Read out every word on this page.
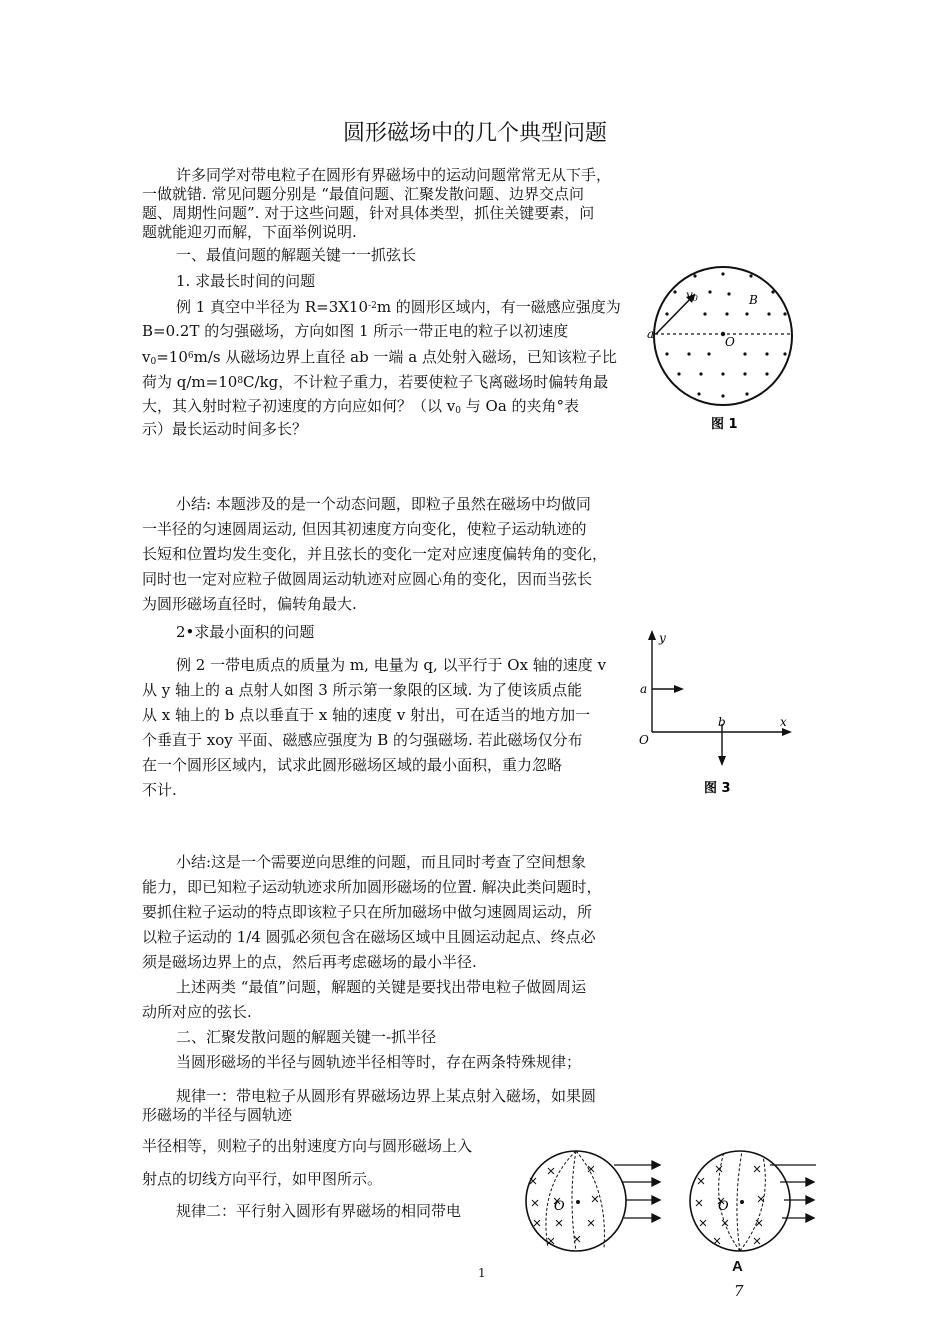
圆形磁场中的几个典型问题
许多同学对带电粒子在圆形有界磁场中的运动问题常常无从下手，
一做就错. 常见问题分别是 “最值问题、汇聚发散问题、边界交点问
题、周期性问题”. 对于这些问题，针对具体类型，抓住关键要素，问
题就能迎刃而解，下面举例说明.
一、最值问题的解题关键一一抓弦长
1. 求最长时间的问题
例 1 真空中半径为 $R=3X10^{-2}m$ 的圆形区域内，有一磁感应强度为
B=0.2T 的匀强磁场，方向如图 1 所示一带正电的粒子以初速度
$v_0=10^6m/s$ 从磁场边界上直径 ab 一端 a 点处射入磁场，已知该粒子比
荷为 $q/m=10^8C/kg$，不计粒子重力，若要使粒子飞离磁场时偏转角最
大，其入射时粒子初速度的方向应如何？（以 $v_0$ 与 Oa 的夹角°表
示）最长运动时间多长？
v0	B
a
O
图 1
小结: 本题涉及的是一个动态问题，即粒子虽然在磁场中均做同
一半径的匀速圆周运动, 但因其初速度方向变化，使粒子运动轨迹的
长短和位置均发生变化，并且弦长的变化一定对应速度偏转角的变化，
同时也一定对应粒子做圆周运动轨迹对应圆心角的变化，因而当弦长
为圆形磁场直径时，偏转角最大.
2•求最小面积的问题
例 2 一带电质点的质量为 m, 电量为 q, 以平行于 Ox 轴的速度 v
从 y 轴上的 a 点射人如图 3 所示第一象限的区域. 为了使该质点能
从 x 轴上的 b 点以垂直于 x 轴的速度 v 射出，可在适当的地方加一
个垂直于 xoy 平面、磁感应强度为 B 的匀强磁场. 若此磁场仅分布
在一个圆形区域内，试求此圆形磁场区域的最小面积，重力忽略
不计.
y
x
a
b
O
图 3
小结:这是一个需要逆向思维的问题，而且同时考查了空间想象
能力，即已知粒子运动轨迹求所加圆形磁场的位置. 解决此类问题时，
要抓住粒子运动的特点即该粒子只在所加磁场中做匀速圆周运动，所
以粒子运动的 1/4 圆弧必须包含在磁场区域中且圆运动起点、终点必
须是磁场边界上的点，然后再考虑磁场的最小半径.
上述两类 “最值”问题，解题的关键是要找出带电粒子做圆周运
动所对应的弦长.
二、汇聚发散问题的解题关键一-抓半径
当圆形磁场的半径与圆轨迹半径相等时，存在两条特殊规律；
规律一：带电粒子从圆形有界磁场边界上某点射入磁场，如果圆
形磁场的半径与圆轨迹
半径相等，则粒子的出射速度方向与圆形磁场上入
射点的切线方向平行，如甲图所示。
规律二：平行射入圆形有界磁场的相同带电	O	O
1	A
7
